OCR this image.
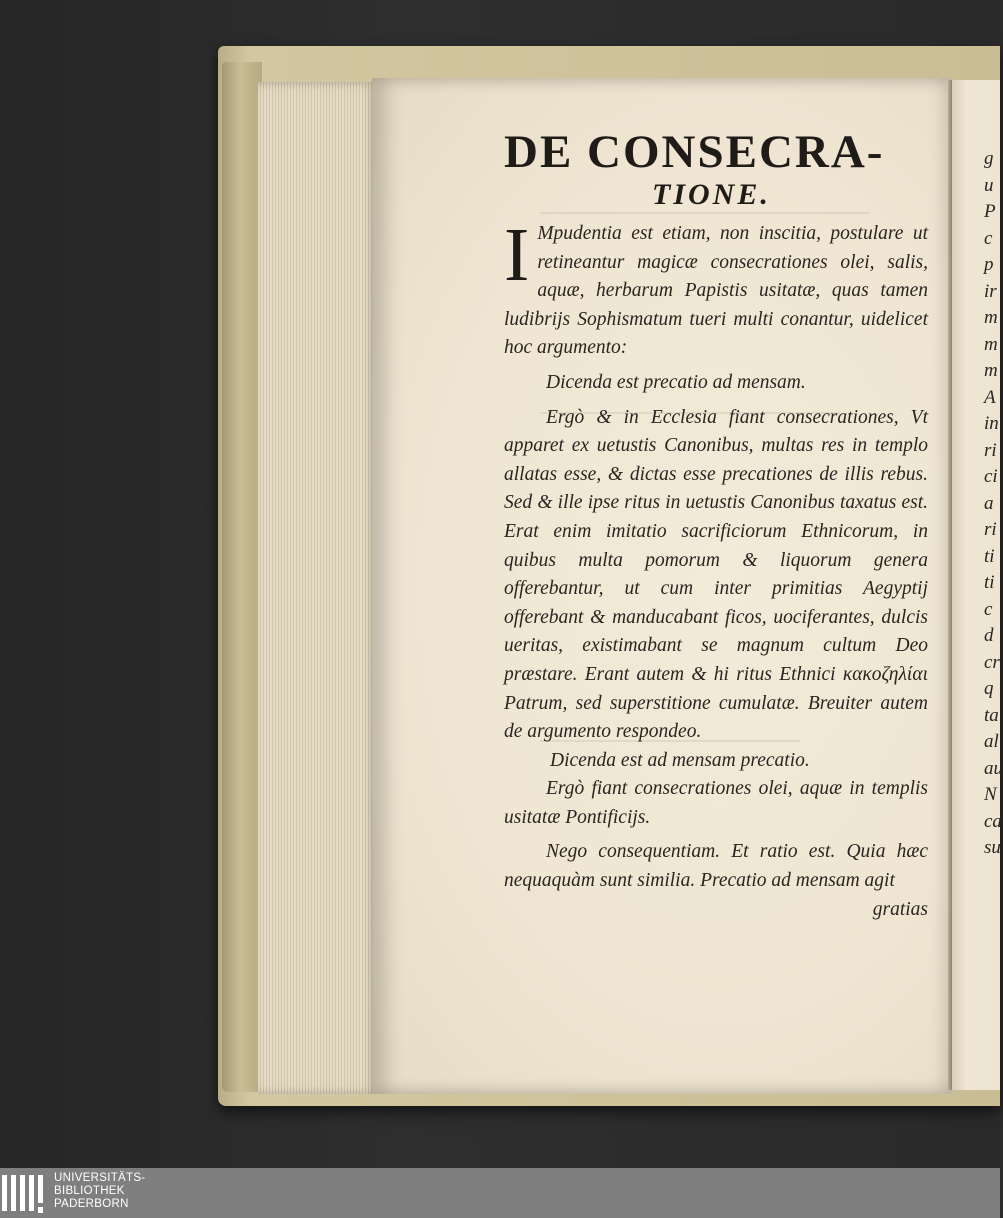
g
u
P
c
p
ir
m
m
m
A
in
ri
ci
a
ri
ti
ti
c
d
cr
q
ta
al
au
N
ca
su
DE CONSECRA-
TIONE.
I Mpudentia est etiam, non inscitia, postulare ut retineantur magicæ consecrationes olei, salis, aquæ, herbarum Papistis usitatæ, quas tamen ludibrijs Sophismatum tueri multi conantur, uidelicet hoc argumento:

Dicenda est precatio ad mensam.

Ergò & in Ecclesia fiant consecrationes, Vt apparet ex uetustis Canonibus, multas res in templo allatas esse, & dictas esse precationes de illis rebus. Sed & ille ipse ritus in uetustis Canonibus taxatus est. Erat enim imitatio sacrificiorum Ethnicorum, in quibus multa pomorum & liquorum genera offerebantur, ut cum inter primitias Aegyptij offerebant & manducabant ficos, uociferantes, dulcis ueritas, existimabant se magnum cultum Deo præstare. Erant autem & hi ritus Ethnici κακοζηλίαι Patrum, sed superstitione cumulatæ. Breuiter autem de argumento respondeo.

Dicenda est ad mensam precatio.

Ergò fiant consecrationes olei, aquæ in templis usitatæ Pontificijs.

Nego consequentiam. Et ratio est. Quia hæc nequaquàm sunt similia. Precatio ad mensam agit

gratias

UNIVERSITÄTS-
BIBLIOTHEK
PADERBORN
